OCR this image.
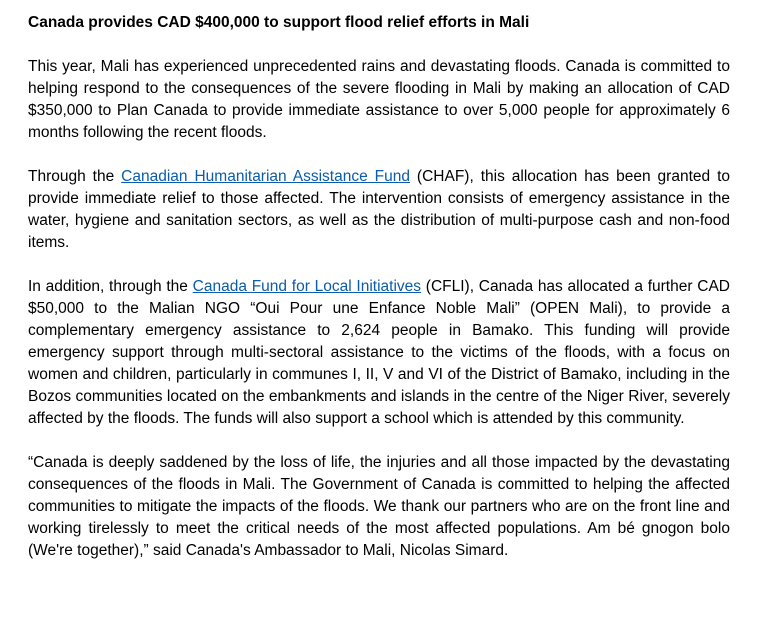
Canada provides CAD $400,000 to support flood relief efforts in Mali

This year, Mali has experienced unprecedented rains and devastating floods. Canada is committed to helping respond to the consequences of the severe flooding in Mali by making an allocation of CAD $350,000 to Plan Canada to provide immediate assistance to over 5,000 people for approximately 6 months following the recent floods.

Through the Canadian Humanitarian Assistance Fund (CHAF), this allocation has been granted to provide immediate relief to those affected. The intervention consists of emergency assistance in the water, hygiene and sanitation sectors, as well as the distribution of multi-purpose cash and non-food items.

In addition, through the Canada Fund for Local Initiatives (CFLI), Canada has allocated a further CAD $50,000 to the Malian NGO “Oui Pour une Enfance Noble Mali” (OPEN Mali), to provide a complementary emergency assistance to 2,624 people in Bamako. This funding will provide emergency support through multi-sectoral assistance to the victims of the floods, with a focus on women and children, particularly in communes I, II, V and VI of the District of Bamako, including in the Bozos communities located on the embankments and islands in the centre of the Niger River, severely affected by the floods. The funds will also support a school which is attended by this community.

“Canada is deeply saddened by the loss of life, the injuries and all those impacted by the devastating consequences of the floods in Mali. The Government of Canada is committed to helping the affected communities to mitigate the impacts of the floods. We thank our partners who are on the front line and working tirelessly to meet the critical needs of the most affected populations. Am bé gnogon bolo (We're together),” said Canada's Ambassador to Mali, Nicolas Simard.
